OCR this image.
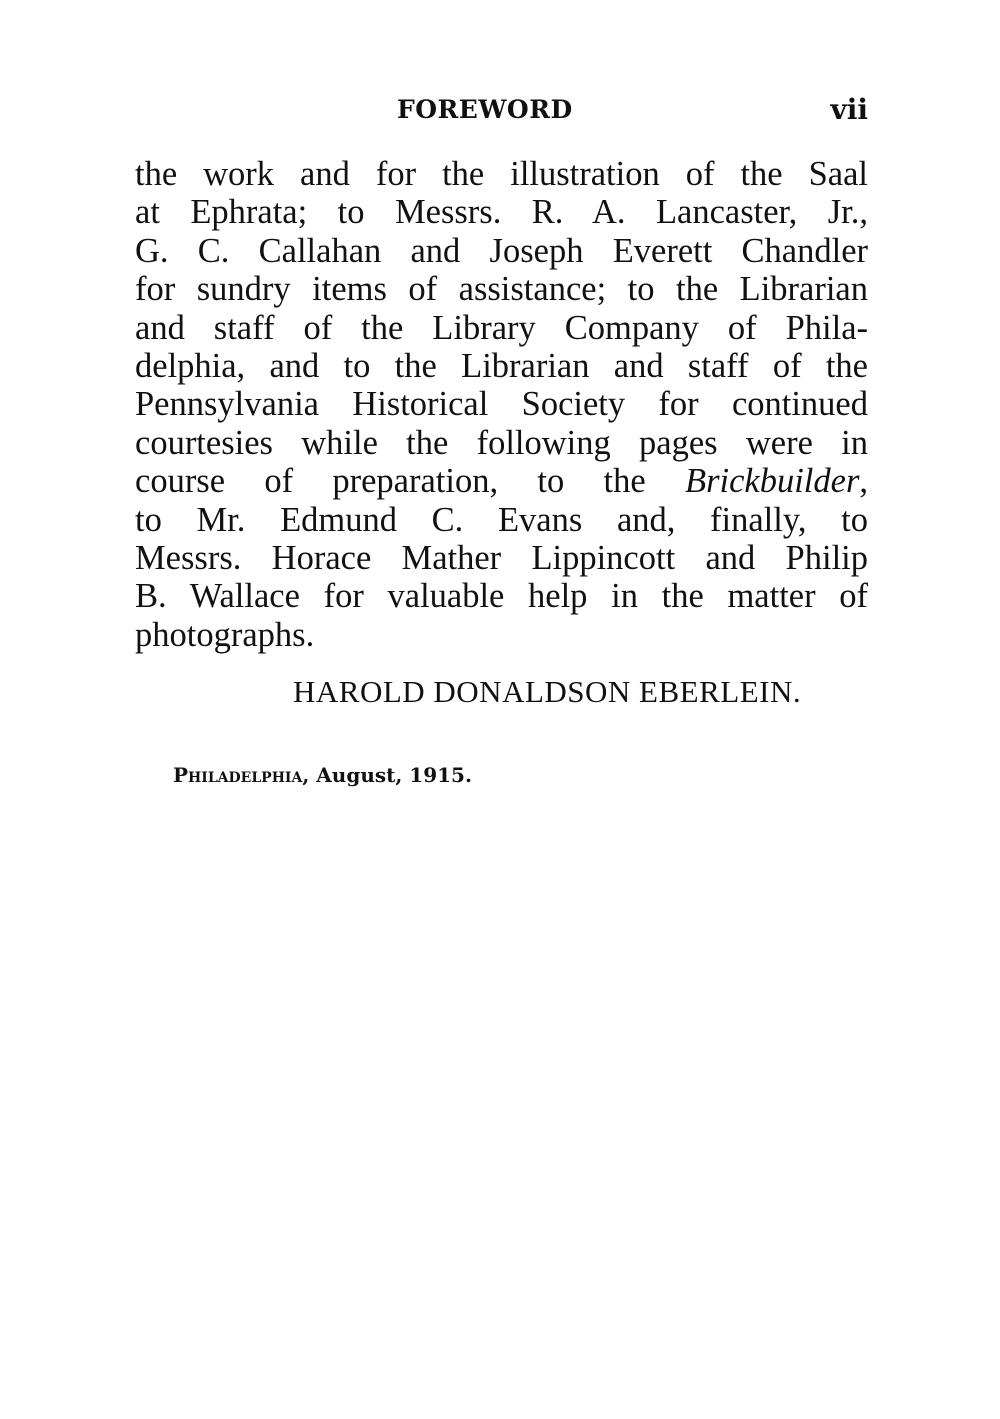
FOREWORD	vii
the work and for the illustration of the Saal
at Ephrata; to Messrs. R. A. Lancaster, Jr.,
G. C. Callahan and Joseph Everett Chandler
for sundry items of assistance; to the Librarian
and staff of the Library Company of Phila-
delphia, and to the Librarian and staff of the
Pennsylvania Historical Society for continued
courtesies while the following pages were in
course of preparation, to the Brickbuilder,
to Mr. Edmund C. Evans and, finally, to
Messrs. Horace Mather Lippincott and Philip
B. Wallace for valuable help in the matter of
photographs.
HAROLD DONALDSON EBERLEIN.
Philadelphia, August, 1915.
